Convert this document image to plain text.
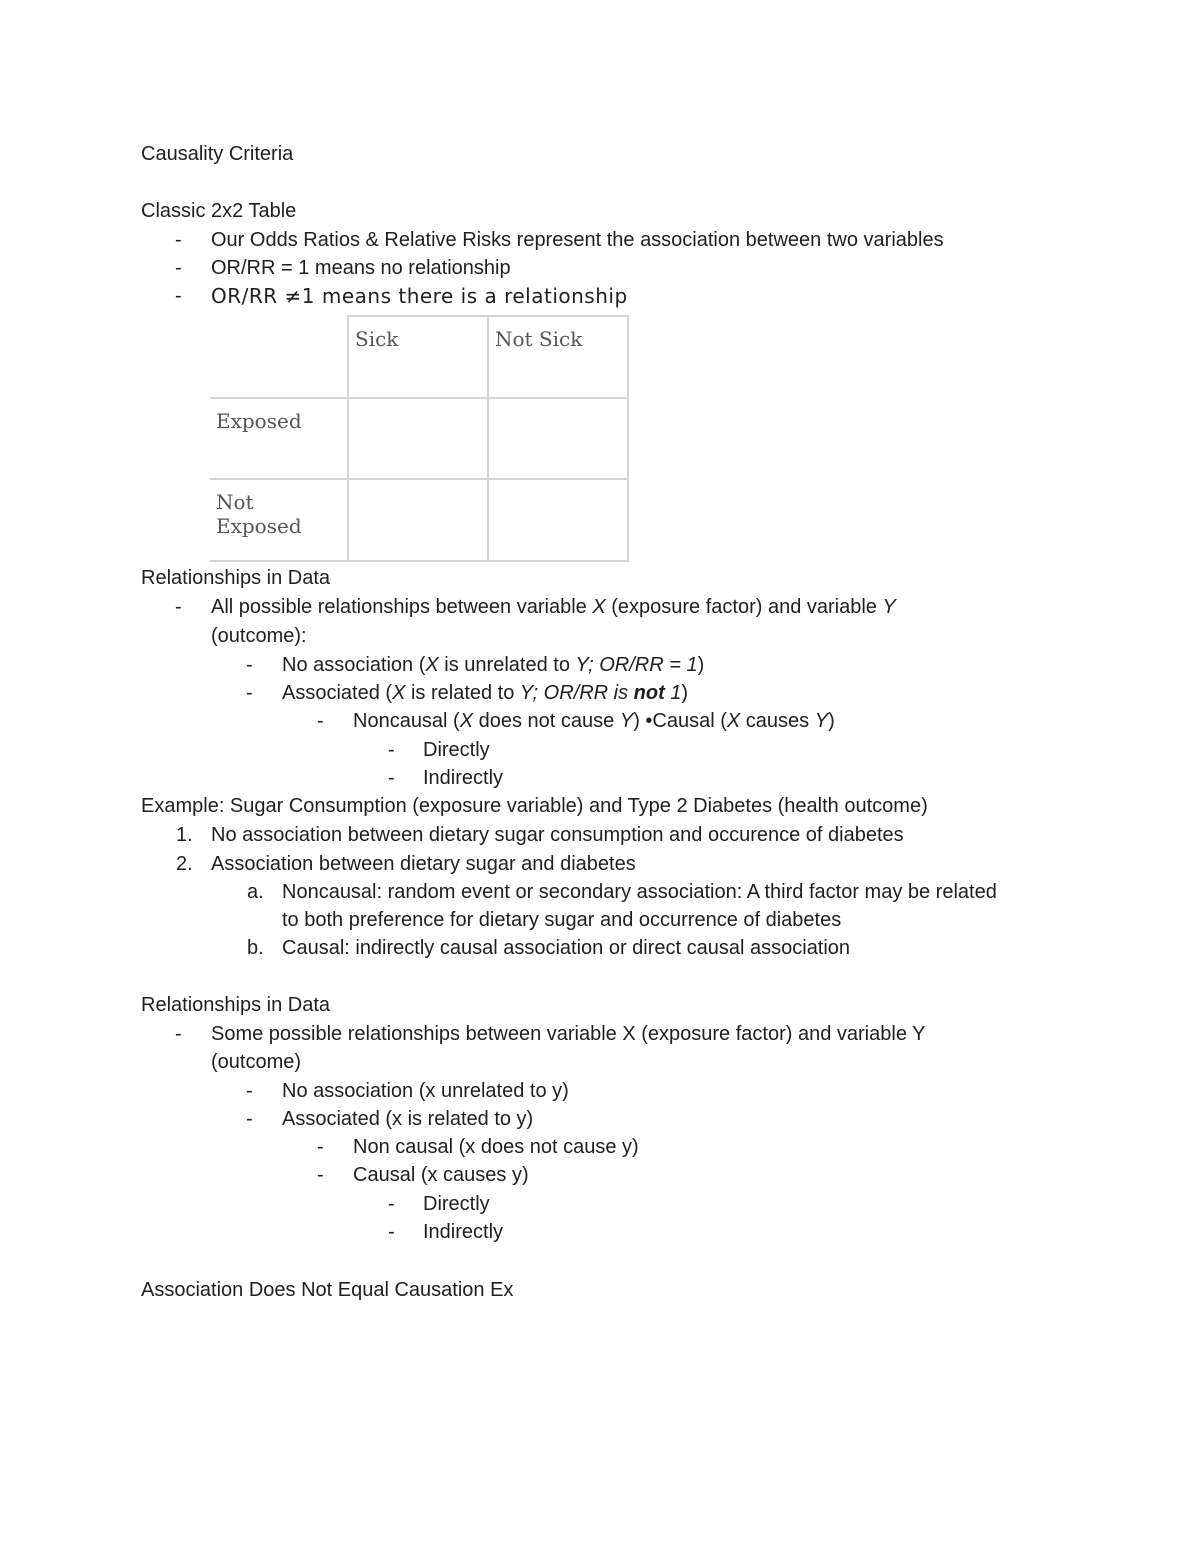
Causality Criteria
Classic 2x2 Table
- Our Odds Ratios & Relative Risks represent the association between two variables
- OR/RR = 1 means no relationship
- OR/RR ≠1 means there is a relationship
	Sick	Not Sick
Exposed		
Not Exposed		
Relationships in Data
- All possible relationships between variable X (exposure factor) and variable Y
(outcome):
- No association (X is unrelated to Y; OR/RR = 1)
- Associated (X is related to Y; OR/RR is not 1)
- Noncausal (X does not cause Y) •Causal (X causes Y)
- Directly
- Indirectly
Example: Sugar Consumption (exposure variable) and Type 2 Diabetes (health outcome)
1. No association between dietary sugar consumption and occurence of diabetes
2. Association between dietary sugar and diabetes
a. Noncausal: random event or secondary association: A third factor may be related
to both preference for dietary sugar and occurrence of diabetes
b. Causal: indirectly causal association or direct causal association
Relationships in Data
- Some possible relationships between variable X (exposure factor) and variable Y
(outcome)
- No association (x unrelated to y)
- Associated (x is related to y)
- Non causal (x does not cause y)
- Causal (x causes y)
- Directly
- Indirectly
Association Does Not Equal Causation Ex
